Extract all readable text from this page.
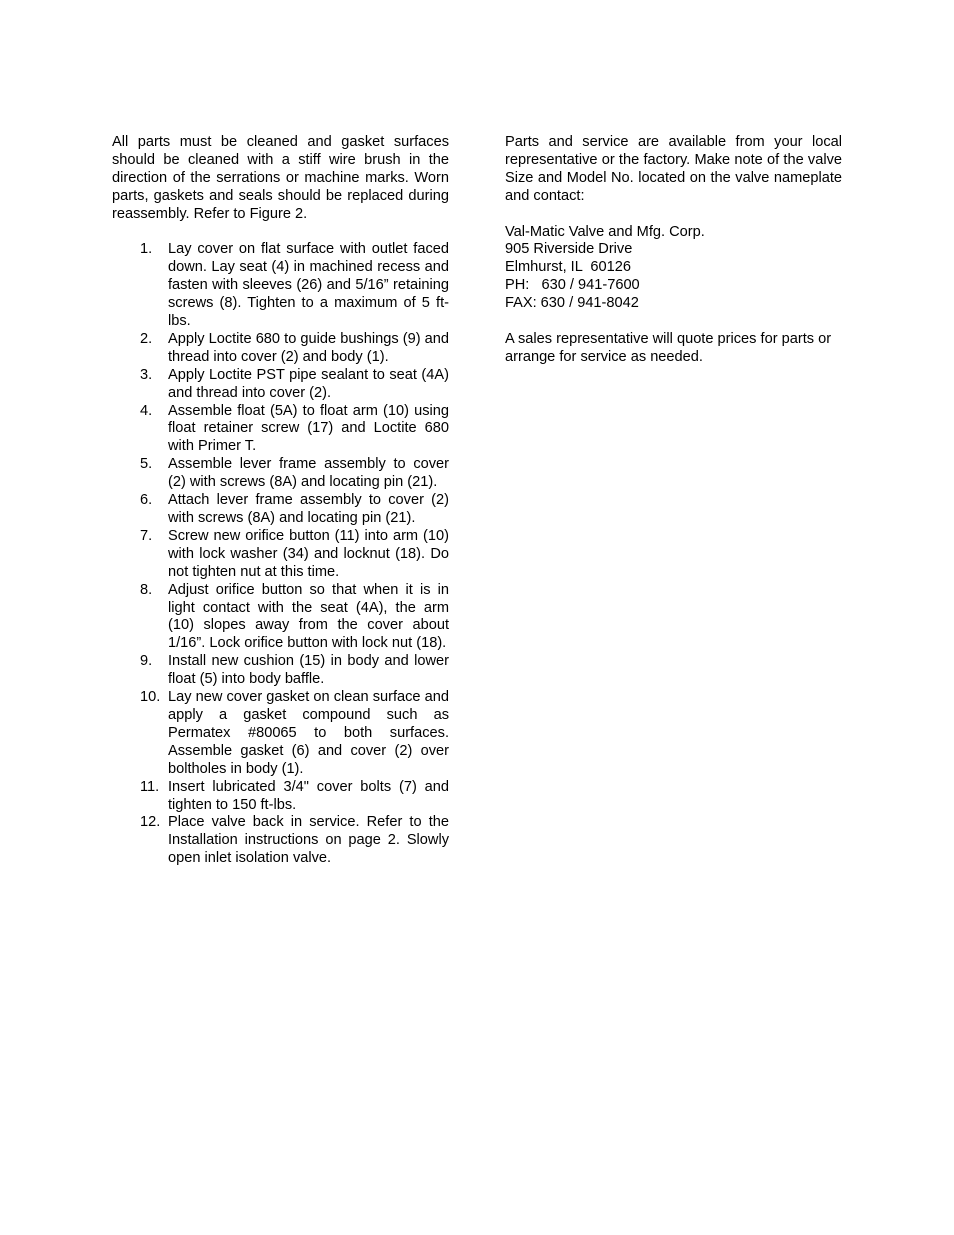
All parts must be cleaned and gasket surfaces should be cleaned with a stiff wire brush in the direction of the serrations or machine marks. Worn parts, gaskets and seals should be replaced during reassembly. Refer to Figure 2.

1. Lay cover on flat surface with outlet faced down. Lay seat (4) in machined recess and fasten with sleeves (26) and 5/16” retaining screws (8). Tighten to a maximum of 5 ft-lbs.
2. Apply Loctite 680 to guide bushings (9) and thread into cover (2) and body (1).
3. Apply Loctite PST pipe sealant to seat (4A) and thread into cover (2).
4. Assemble float (5A) to float arm (10) using float retainer screw (17) and Loctite 680 with Primer T.
5. Assemble lever frame assembly to cover (2) with screws (8A) and locating pin (21).
6. Attach lever frame assembly to cover (2) with screws (8A) and locating pin (21).
7. Screw new orifice button (11) into arm (10) with lock washer (34) and locknut (18). Do not tighten nut at this time.
8. Adjust orifice button so that when it is in light contact with the seat (4A), the arm (10) slopes away from the cover about 1/16”. Lock orifice button with lock nut (18).
9. Install new cushion (15) in body and lower float (5) into body baffle.
10. Lay new cover gasket on clean surface and apply a gasket compound such as Permatex #80065 to both surfaces. Assemble gasket (6) and cover (2) over boltholes in body (1).
11. Insert lubricated 3/4" cover bolts (7) and tighten to 150 ft-lbs.
12. Place valve back in service. Refer to the Installation instructions on page 2. Slowly open inlet isolation valve.

Parts and service are available from your local representative or the factory. Make note of the valve Size and Model No. located on the valve nameplate and contact:

Val-Matic Valve and Mfg. Corp.
905 Riverside Drive
Elmhurst, IL  60126
PH:   630 / 941-7600
FAX: 630 / 941-8042

A sales representative will quote prices for parts or arrange for service as needed.
